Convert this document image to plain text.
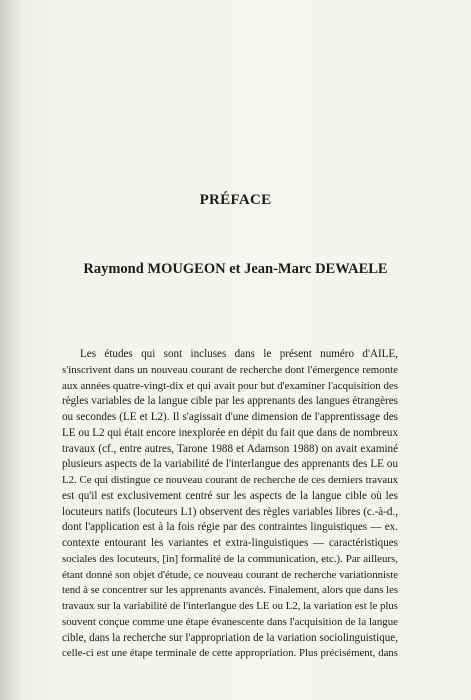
PRÉFACE
Raymond MOUGEON et Jean-Marc DEWAELE
Les études qui sont incluses dans le présent numéro d'AILE,
s'inscrivent dans un nouveau courant de recherche dont l'émergence remonte
aux années quatre-vingt-dix et qui avait pour but d'examiner l'acquisition des
règles variables de la langue cible par les apprenants des langues étrangères
ou secondes (LE et L2). Il s'agissait d'une dimension de l'apprentissage des
LE ou L2 qui était encore inexplorée en dépit du fait que dans de nombreux
travaux (cf., entre autres, Tarone 1988 et Adamson 1988) on avait examiné
plusieurs aspects de la variabilité de l'interlangue des apprenants des LE ou
L2. Ce qui distingue ce nouveau courant de recherche de ces derniers travaux
est qu'il est exclusivement centré sur les aspects de la langue cible où les
locuteurs natifs (locuteurs L1) observent des règles variables libres (c.-à-d.,
dont l'application est à la fois régie par des contraintes linguistiques — ex.
contexte entourant les variantes et extra-linguistiques — caractéristiques
sociales des locuteurs, [in] formalité de la communication, etc.). Par ailleurs,
étant donné son objet d'étude, ce nouveau courant de recherche variationniste
tend à se concentrer sur les apprenants avancés. Finalement, alors que dans les
travaux sur la variabilité de l'interlangue des LE ou L2, la variation est le plus
souvent conçue comme une étape évanescente dans l'acquisition de la langue
cible, dans la recherche sur l'appropriation de la variation sociolinguistique,
celle-ci est une étape terminale de cette appropriation. Plus précisément, dans
